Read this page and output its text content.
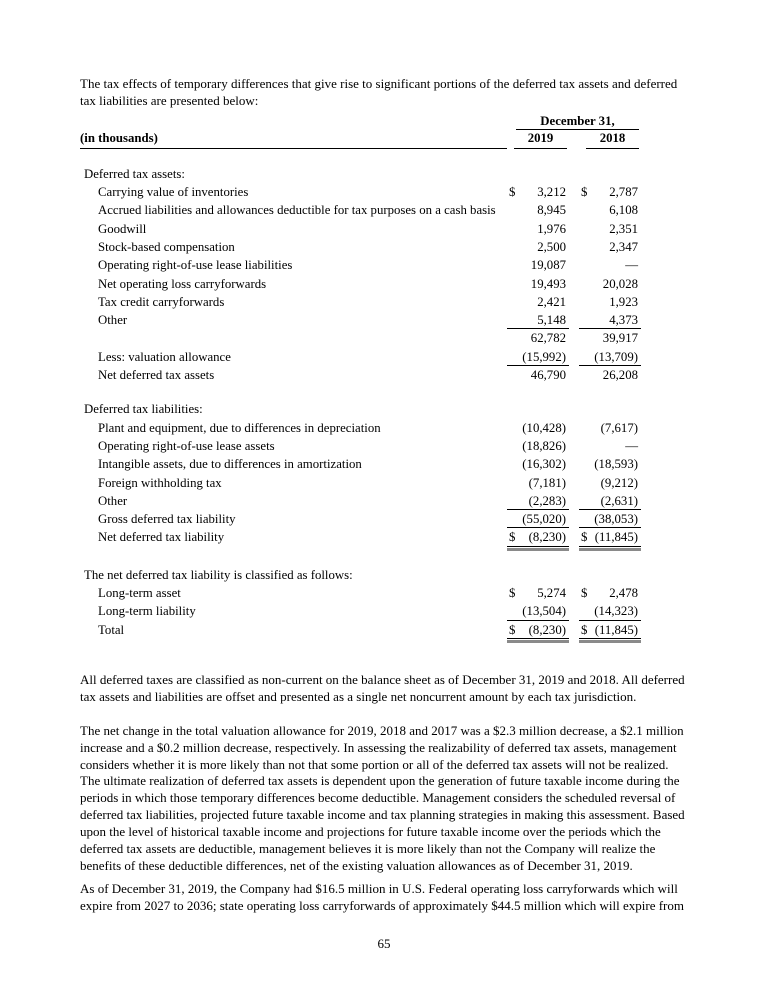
The tax effects of temporary differences that give rise to significant portions of the deferred tax assets and deferred tax liabilities are presented below:

December 31,
(in thousands)	2019	2018
Deferred tax assets:
Carrying value of inventories	$ 3,212 $ 2,787
Accrued liabilities and allowances deductible for tax purposes on a cash basis	8,945	6,108
Goodwill	1,976	2,351
Stock-based compensation	2,500	2,347
Operating right-of-use lease liabilities	19,087	—
Net operating loss carryforwards	19,493	20,028
Tax credit carryforwards	2,421	1,923
Other	5,148	4,373
62,782	39,917
Less: valuation allowance	(15,992) (13,709)
Net deferred tax assets	46,790	26,208
Deferred tax liabilities:
Plant and equipment, due to differences in depreciation	(10,428)	(7,617)
Operating right-of-use lease assets	(18,826)	—
Intangible assets, due to differences in amortization	(16,302) (18,593)
Foreign withholding tax	(7,181)	(9,212)
Other	(2,283)	(2,631)
Gross deferred tax liability	(55,020) (38,053)
Net deferred tax liability	$ (8,230) $ (11,845)
The net deferred tax liability is classified as follows:
Long-term asset	$ 5,274 $ 2,478
Long-term liability	(13,504) (14,323)
Total	$ (8,230) $ (11,845)

All deferred taxes are classified as non-current on the balance sheet as of December 31, 2019 and 2018. All deferred tax assets and liabilities are offset and presented as a single net noncurrent amount by each tax jurisdiction.

The net change in the total valuation allowance for 2019, 2018 and 2017 was a $2.3 million decrease, a $2.1 million increase and a $0.2 million decrease, respectively. In assessing the realizability of deferred tax assets, management considers whether it is more likely than not that some portion or all of the deferred tax assets will not be realized. The ultimate realization of deferred tax assets is dependent upon the generation of future taxable income during the periods in which those temporary differences become deductible. Management considers the scheduled reversal of deferred tax liabilities, projected future taxable income and tax planning strategies in making this assessment. Based upon the level of historical taxable income and projections for future taxable income over the periods which the deferred tax assets are deductible, management believes it is more likely than not the Company will realize the benefits of these deductible differences, net of the existing valuation allowances as of December 31, 2019.

As of December 31, 2019, the Company had $16.5 million in U.S. Federal operating loss carryforwards which will expire from 2027 to 2036; state operating loss carryforwards of approximately $44.5 million which will expire from

65
